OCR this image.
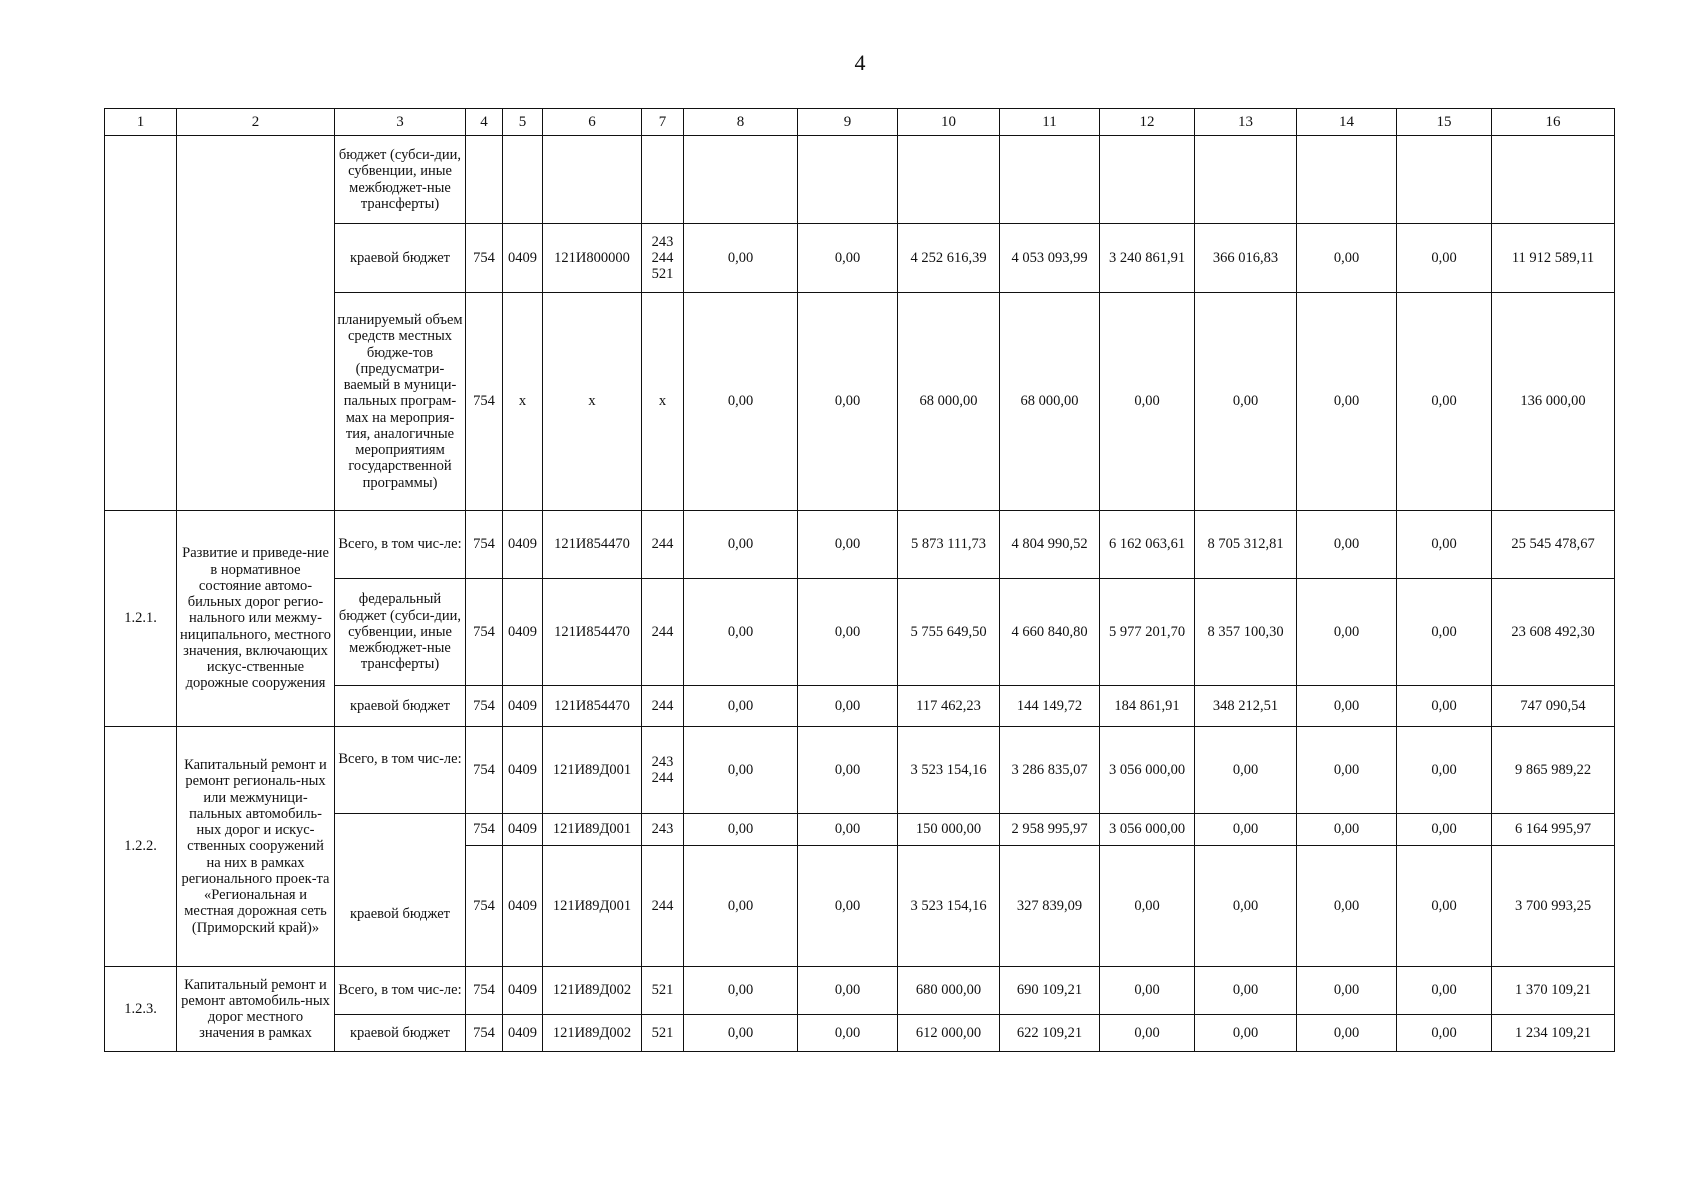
4
1	2	3	4	5	6	7	8	9	10	11	12	13	14	15	16
		бюджет (субси-дии, субвенции, иные межбюджет-ные трансферты)													
		краевой бюджет	754	0409	121И800000	243 244 521	0,00	0,00	4 252 616,39	4 053 093,99	3 240 861,91	366 016,83	0,00	0,00	11 912 589,11
		планируемый объем средств местных бюдже-тов (предусматри-ваемый в муници-пальных програм-мах на мероприя-тия, аналогичные мероприятиям государственной программы)	754	х	х	х	0,00	0,00	68 000,00	68 000,00	0,00	0,00	0,00	0,00	136 000,00
1.2.1.	Развитие и приведе-ние в нормативное состояние автомо-бильных дорог регио-нального или межму-ниципального, местного значения, включающих искус-ственные дорожные сооружения	Всего, в том чис-ле:	754	0409	121И854470	244	0,00	0,00	5 873 111,73	4 804 990,52	6 162 063,61	8 705 312,81	0,00	0,00	25 545 478,67
		федеральный бюджет (субси-дии, субвенции, иные межбюджет-ные трансферты)	754	0409	121И854470	244	0,00	0,00	5 755 649,50	4 660 840,80	5 977 201,70	8 357 100,30	0,00	0,00	23 608 492,30
		краевой бюджет	754	0409	121И854470	244	0,00	0,00	117 462,23	144 149,72	184 861,91	348 212,51	0,00	0,00	747 090,54
1.2.2.	Капитальный ремонт и ремонт региональ-ных или межмуници-пальных автомобиль-ных дорог и искус-ственных сооружений на них в рамках регионального проек-та «Региональная и местная дорожная сеть (Приморский край)»	Всего, в том чис-ле:	754	0409	121И89Д001	243 244	0,00	0,00	3 523 154,16	3 286 835,07	3 056 000,00	0,00	0,00	0,00	9 865 989,22
		краевой бюджет	754	0409	121И89Д001	243	0,00	0,00	150 000,00	2 958 995,97	3 056 000,00	0,00	0,00	0,00	6 164 995,97
			754	0409	121И89Д001	244	0,00	0,00	3 523 154,16	327 839,09	0,00	0,00	0,00	0,00	3 700 993,25
1.2.3.	Капитальный ремонт и ремонт автомобиль-ных дорог местного значения в рамках	Всего, в том чис-ле:	754	0409	121И89Д002	521	0,00	0,00	680 000,00	690 109,21	0,00	0,00	0,00	0,00	1 370 109,21
		краевой бюджет	754	0409	121И89Д002	521	0,00	0,00	612 000,00	622 109,21	0,00	0,00	0,00	0,00	1 234 109,21
